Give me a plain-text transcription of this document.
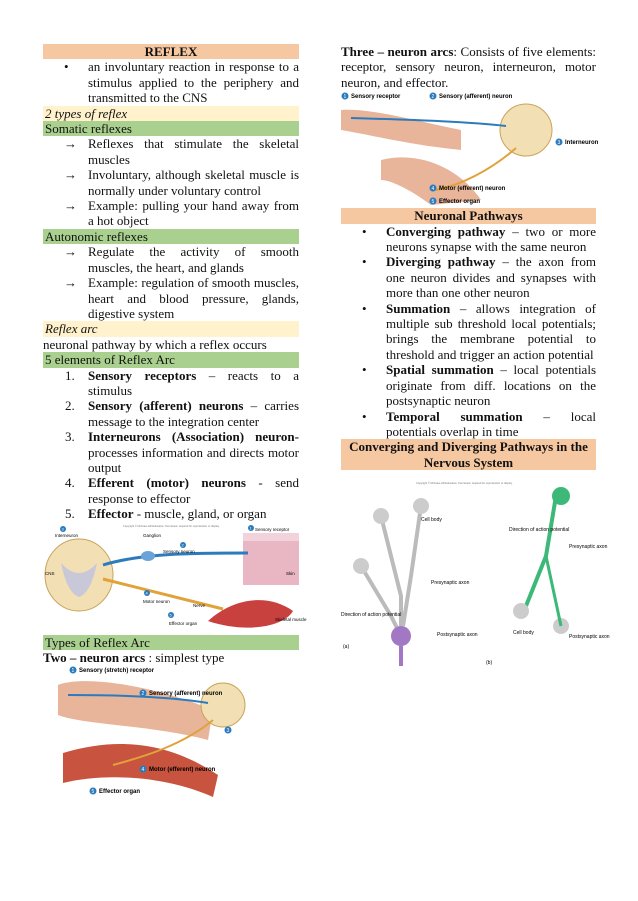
REFLEX
• an involuntary reaction in response to a stimulus applied to the periphery and transmitted to the CNS
2 types of reflex
Somatic reflexes
→ Reflexes that stimulate the skeletal muscles
→ Involuntary, although skeletal muscle is normally under voluntary control
→ Example: pulling your hand away from a hot object
Autonomic reflexes
→ Regulate the activity of smooth muscles, the heart, and glands
→ Example: regulation of smooth muscles, heart and blood pressure, glands, digestive system
Reflex arc

neuronal pathway by which a reflex occurs

5 elements of Reflex Arc
1. Sensory receptors – reacts to a stimulus
2. Sensory (afferent) neurons – carries message to the integration center
3. Interneurons (Association) neuron- processes information and directs motor output
4. Efferent (motor) neurons - send response to effector
5. Effector - muscle, gland, or organ
Copyright © McGraw-Hill Education. Permission required for reproduction or display.
3
Interneuron	Ganglion
2
Sensory neuron
1 Sensory receptor
CNS	Skin
4
Motor neuron
Nerve
5
Effector organ
Skeletal muscle
Types of Reflex Arc

Two – neuron arcs : simplest type

1 Sensory (stretch) receptor
2 Sensory (afferent) neuron
3
4 Motor (efferent) neuron
5 Effector organ

Three – neuron arcs: Consists of five elements: receptor, sensory neuron, interneuron, motor neuron, and effector.

1 Sensory receptor	2 Sensory (afferent) neuron
3 Interneuron
4 Motor (efferent) neuron
5 Effector organ
Neuronal Pathways
• Converging pathway – two or more neurons synapse with the same neuron
• Diverging pathway – the axon from one neuron divides and synapses with more than one other neuron
• Summation – allows integration of multiple sub threshold local potentials; brings the membrane potential to threshold and trigger an action potential
• Spatial summation – local potentials originate from diff. locations on the postsynaptic neuron
• Temporal summation – local potentials overlap in time
Converging and Diverging Pathways in the Nervous System
Copyright © McGraw-Hill Education. Permission required for reproduction or display.
Cell body
Presynaptic axon
Direction of action potential
Postsynaptic axon
(a)
Direction of action potential
Presynaptic axon
Cell body
Postsynaptic axon
(b)
